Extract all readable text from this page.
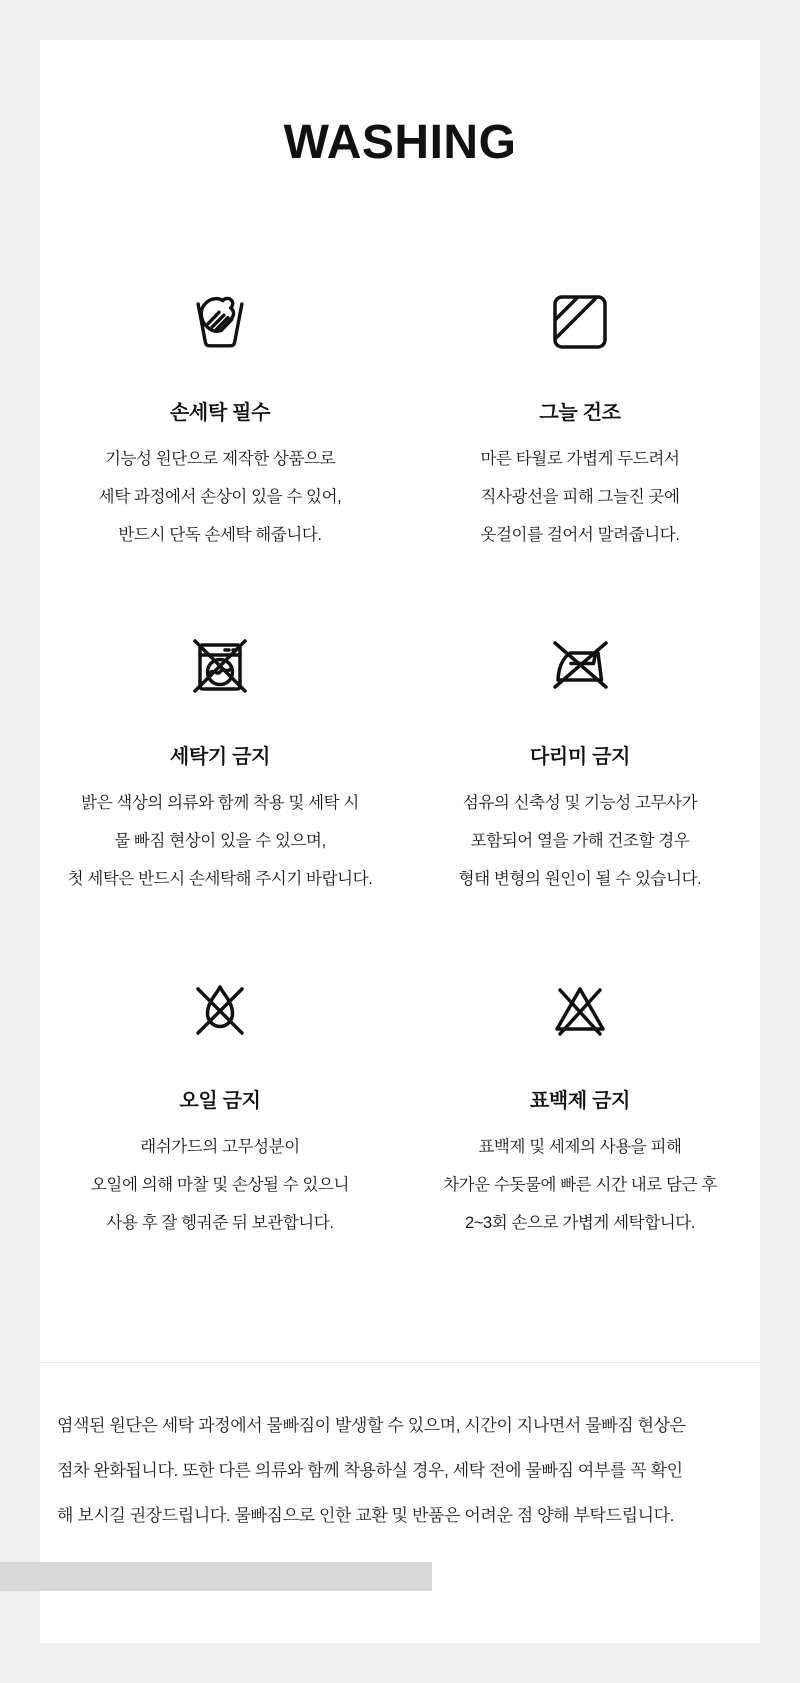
WASHING
손세탁 필수
기능성 원단으로 제작한 상품으로
세탁 과정에서 손상이 있을 수 있어,
반드시 단독 손세탁 해줍니다.
그늘 건조
마른 타월로 가볍게 두드려서
직사광선을 피해 그늘진 곳에
옷걸이를 걸어서 말려줍니다.
세탁기 금지
밝은 색상의 의류와 함께 착용 및 세탁 시
물 빠짐 현상이 있을 수 있으며,
첫 세탁은 반드시 손세탁해 주시기 바랍니다.
다리미 금지
섬유의 신축성 및 기능성 고무사가
포함되어 열을 가해 건조할 경우
형태 변형의 원인이 될 수 있습니다.
오일 금지
래쉬가드의 고무성분이
오일에 의해 마찰 및 손상될 수 있으니
사용 후 잘 헹궈준 뒤 보관합니다.
표백제 금지
표백제 및 세제의 사용을 피해
차가운 수돗물에 빠른 시간 내로 담근 후
2~3회 손으로 가볍게 세탁합니다.
염색된 원단은 세탁 과정에서 물빠짐이 발생할 수 있으며, 시간이 지나면서 물빠짐 현상은
점차 완화됩니다. 또한 다른 의류와 함께 착용하실 경우, 세탁 전에 물빠짐 여부를 꼭 확인
해 보시길 권장드립니다. 물빠짐으로 인한 교환 및 반품은 어려운 점 양해 부탁드립니다.
